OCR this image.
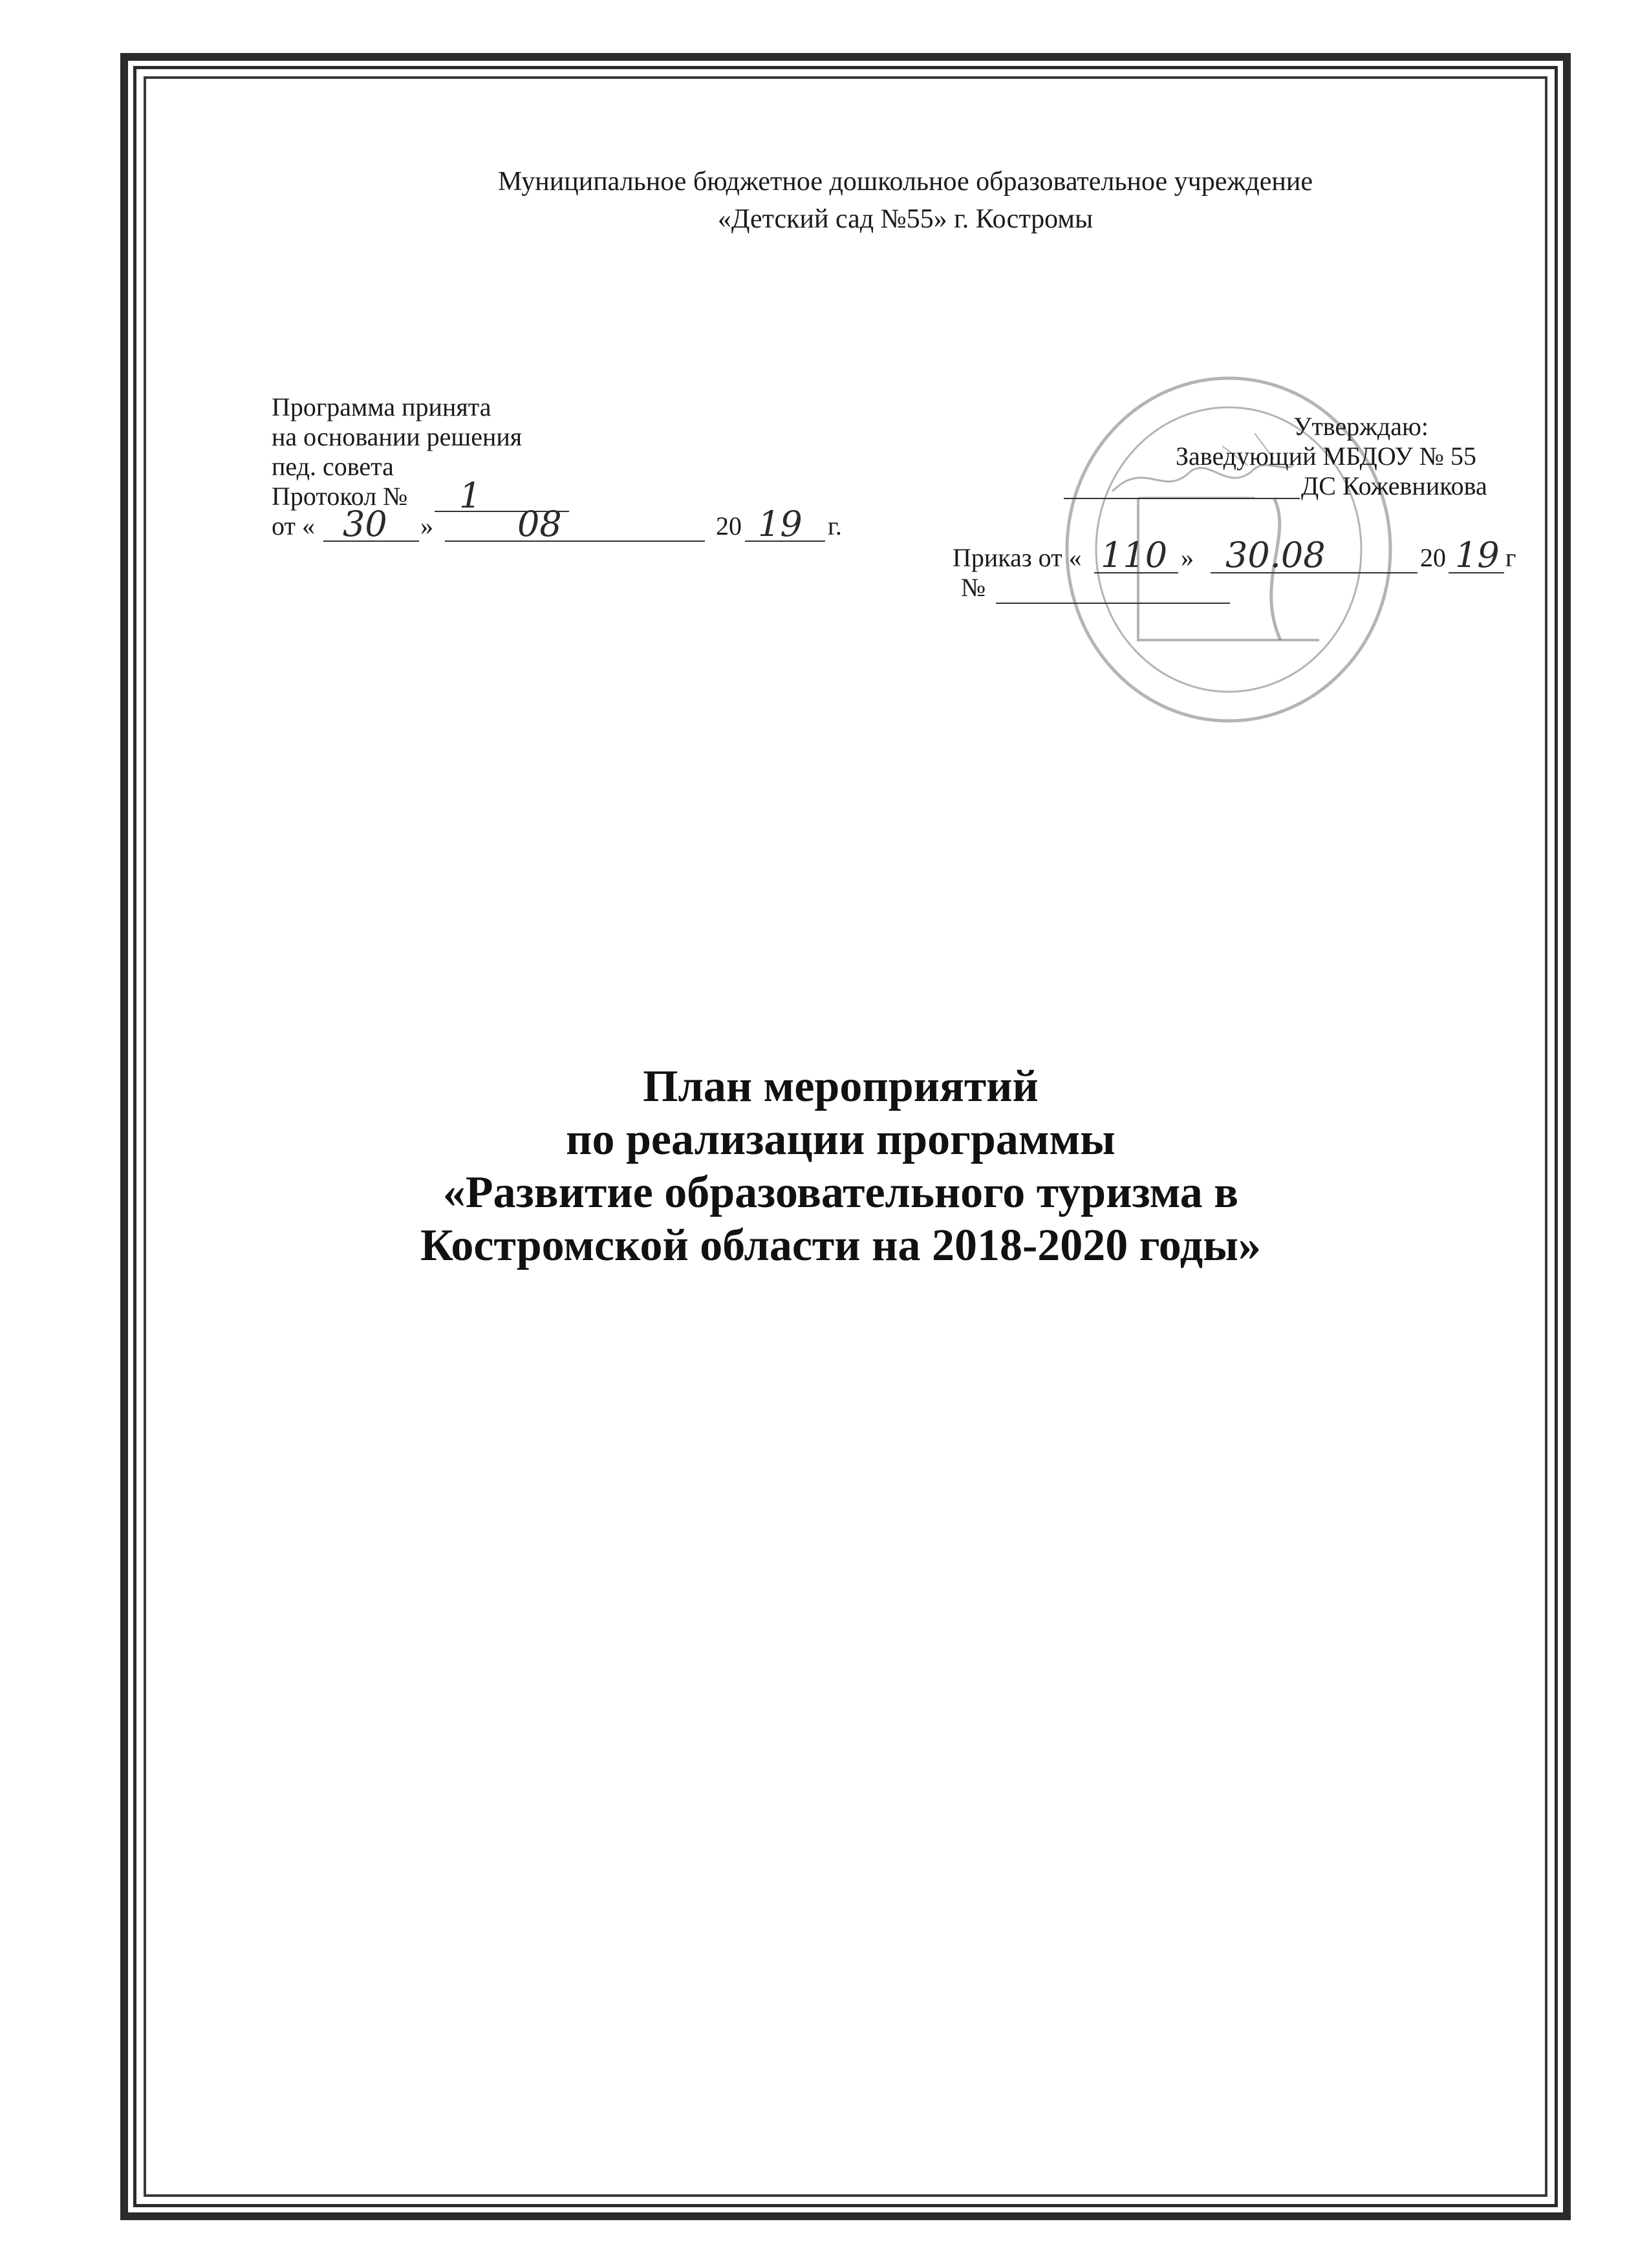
Муниципальное бюджетное дошкольное образовательное учреждение
«Детский сад №55» г. Костромы
Программа принята
на основании решения
пед. совета
Протокол № 1
от « 30 » 08	20 19 г.
Утверждаю:
Заведующий МБДОУ № 55
ДС Кожевникова
Приказ от « 110 » 30.08	20 19 г
№
План мероприятий
по реализации программы
«Развитие образовательного туризма в
Костромской области на 2018-2020 годы»
